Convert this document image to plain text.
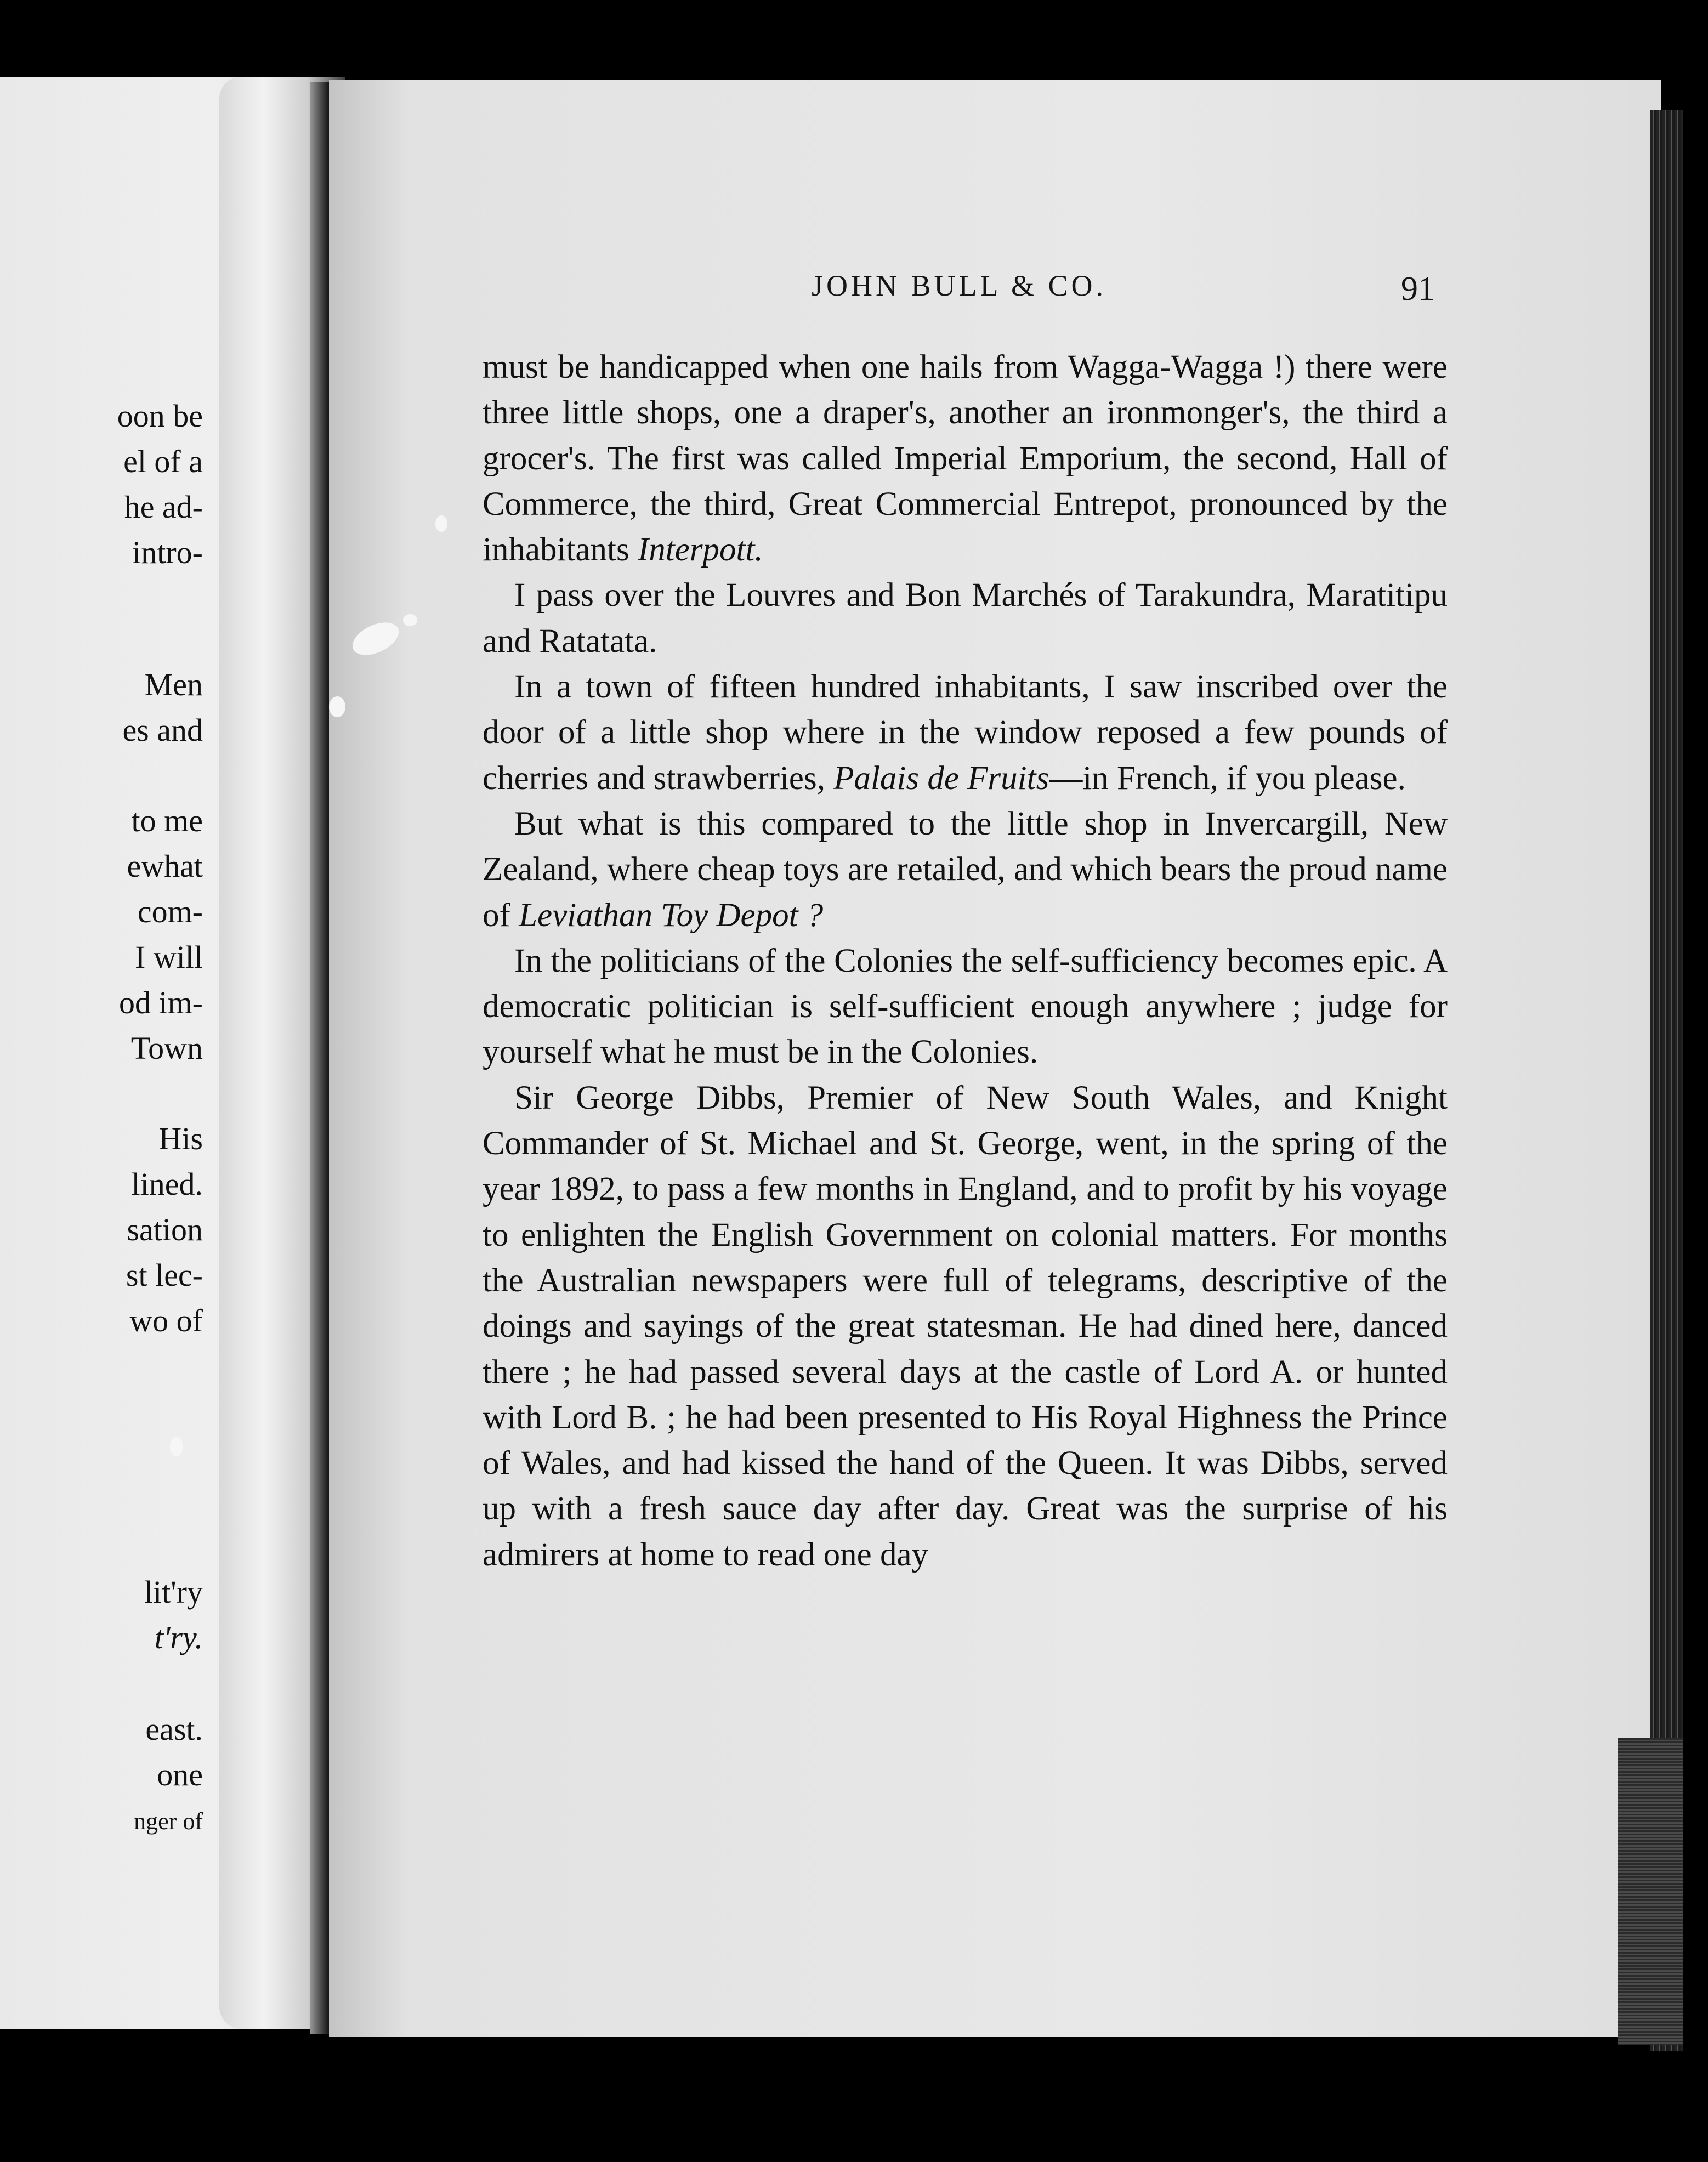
oon be
el of a
he ad-
intro-
Men
es and
to me
ewhat
com-
I will
od im-
Town
His
lined.
sation
st lec-
wo of
lit'ry
t'ry.
east.
one
nger of
JOHN BULL & CO.	91

must be handicapped when one hails from Wagga-Wagga !) there were three little shops, one a draper's, another an ironmonger's, the third a grocer's. The first was called Imperial Emporium, the second, Hall of Commerce, the third, Great Commercial Entrepot, pronounced by the inhabitants Interpott.

I pass over the Louvres and Bon Marchés of Tarakundra, Maratitipu and Ratatata.

In a town of fifteen hundred inhabitants, I saw inscribed over the door of a little shop where in the window reposed a few pounds of cherries and strawberries, Palais de Fruits—in French, if you please.

But what is this compared to the little shop in Invercargill, New Zealand, where cheap toys are retailed, and which bears the proud name of Leviathan Toy Depot ?

In the politicians of the Colonies the self-sufficiency becomes epic. A democratic politician is self-sufficient enough anywhere ; judge for yourself what he must be in the Colonies.

Sir George Dibbs, Premier of New South Wales, and Knight Commander of St. Michael and St. George, went, in the spring of the year 1892, to pass a few months in England, and to profit by his voyage to enlighten the English Government on colonial matters. For months the Australian newspapers were full of telegrams, descriptive of the doings and sayings of the great statesman. He had dined here, danced there ; he had passed several days at the castle of Lord A. or hunted with Lord B. ; he had been presented to His Royal Highness the Prince of Wales, and had kissed the hand of the Queen. It was Dibbs, served up with a fresh sauce day after day. Great was the surprise of his admirers at home to read one day
